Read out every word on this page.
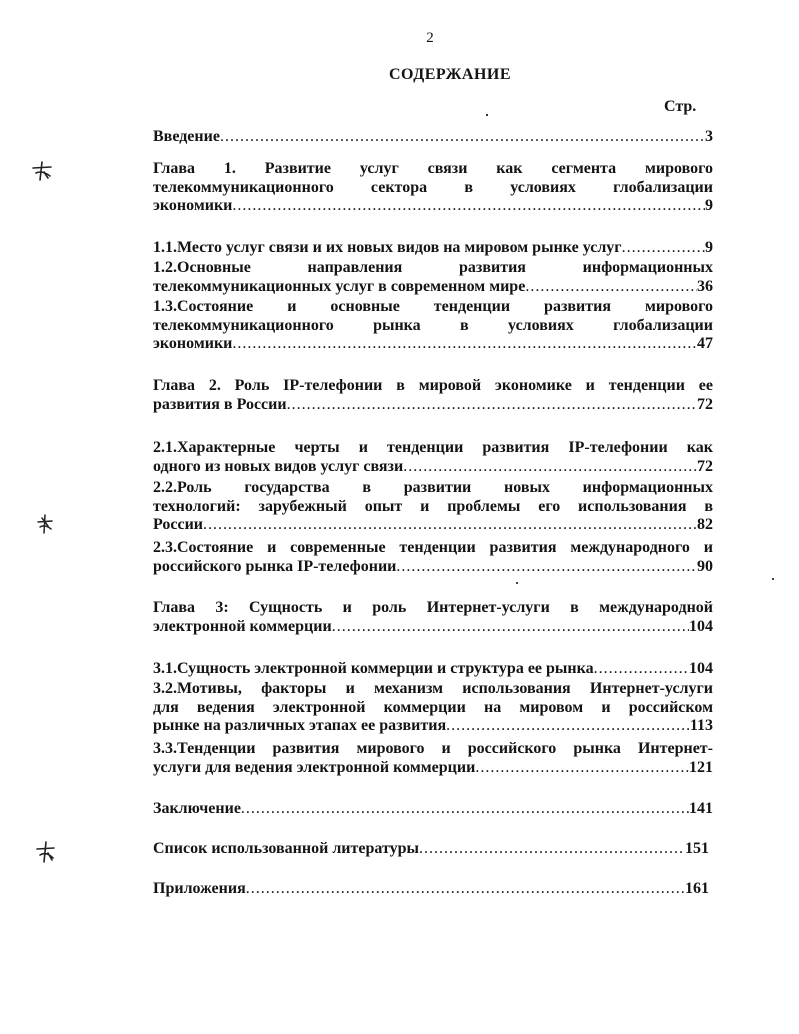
2
СОДЕРЖАНИЕ
Стр.
Введение .....	3
Глава 1. Развитие услуг связи как сегмента мирового
телекоммуникационного сектора в условиях глобализации
экономики .....	9
1.1.Место услуг связи и их новых видов на мировом рынке услуг .....	9
1.2.Основные направления развития информационных
телекоммуникационных услуг в современном мире .....	36
1.3.Состояние и основные тенденции развития мирового
телекоммуникационного рынка в условиях глобализации
экономики .....	47
Глава 2. Роль IP-телефонии в мировой экономике и тенденции ее
развития в России .....	72
2.1.Характерные черты и тенденции развития IP-телефонии как
одного из новых видов услуг связи .....	72
2.2.Роль государства в развитии новых информационных
технологий: зарубежный опыт и проблемы его использования в
России .....	82
2.3.Состояние и современные тенденции развития международного и
российского рынка IP-телефонии .....	90
Глава 3: Сущность и роль Интернет-услуги в международной
электронной коммерции .....	104
3.1.Сущность электронной коммерции и структура ее рынка .....	104
3.2.Мотивы, факторы и механизм использования Интернет-услуги
для ведения электронной коммерции на мировом и российском
рынке на различных этапах ее развития .....	113
3.3.Тенденции развития мирового и российского рынка Интернет-
услуги для ведения электронной коммерции .....	121
Заключение .....	141
Список использованной литературы .....	151
Приложения .....	161
